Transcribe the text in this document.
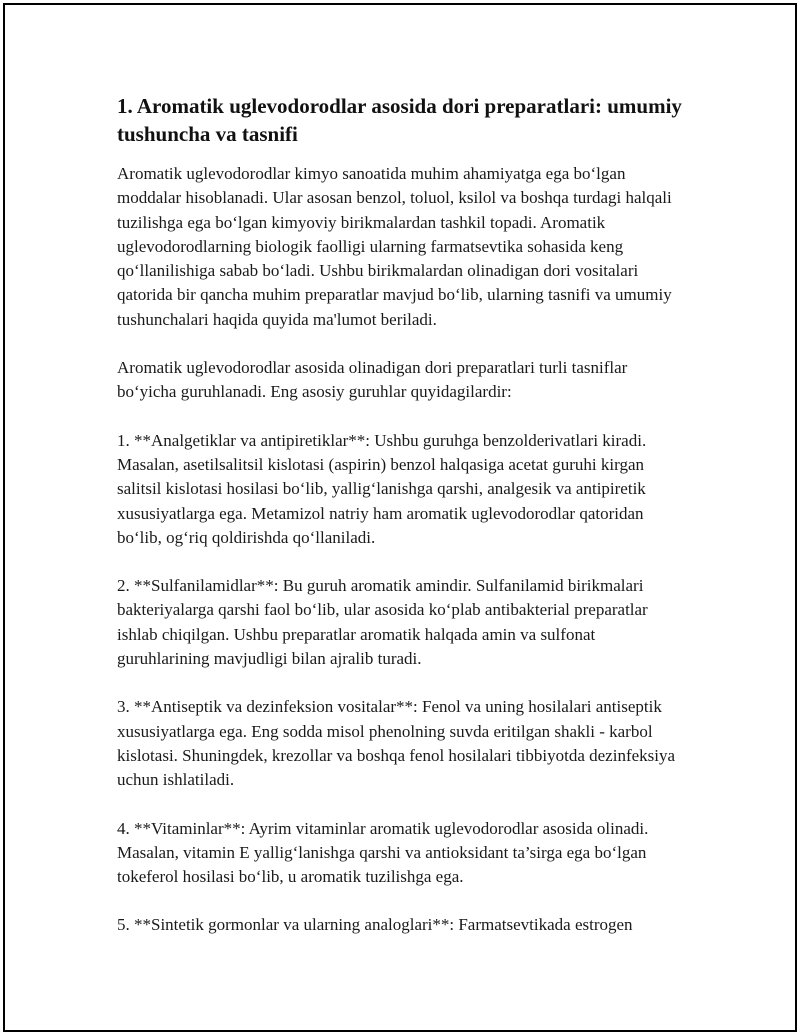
1. Aromatik uglevodorodlar asosida dori preparatlari: umumiy tushuncha va tasnifi

Aromatik uglevodorodlar kimyo sanoatida muhim ahamiyatga ega bo‘lgan moddalar hisoblanadi. Ular asosan benzol, toluol, ksilol va boshqa turdagi halqali tuzilishga ega bo‘lgan kimyoviy birikmalardan tashkil topadi. Aromatik uglevodorodlarning biologik faolligi ularning farmatsevtika sohasida keng qo‘llanilishiga sabab bo‘ladi. Ushbu birikmalardan olinadigan dori vositalari qatorida bir qancha muhim preparatlar mavjud bo‘lib, ularning tasnifi va umumiy tushunchalari haqida quyida ma'lumot beriladi.

Aromatik uglevodorodlar asosida olinadigan dori preparatlari turli tasniflar bo‘yicha guruhlanadi. Eng asosiy guruhlar quyidagilardir:

1. **Analgetiklar va antipiretiklar**: Ushbu guruhga benzolderivatlari kiradi. Masalan, asetilsalitsil kislotasi (aspirin) benzol halqasiga acetat guruhi kirgan salitsil kislotasi hosilasi bo‘lib, yallig‘lanishga qarshi, analgesik va antipiretik xususiyatlarga ega. Metamizol natriy ham aromatik uglevodorodlar qatoridan bo‘lib, og‘riq qoldirishda qo‘llaniladi.

2. **Sulfanilamidlar**: Bu guruh aromatik amindir. Sulfanilamid birikmalari bakteriyalarga qarshi faol bo‘lib, ular asosida ko‘plab antibakterial preparatlar ishlab chiqilgan. Ushbu preparatlar aromatik halqada amin va sulfonat guruhlarining mavjudligi bilan ajralib turadi.

3. **Antiseptik va dezinfeksion vositalar**: Fenol va uning hosilalari antiseptik xususiyatlarga ega. Eng sodda misol phenolning suvda eritilgan shakli - karbol kislotasi. Shuningdek, krezollar va boshqa fenol hosilalari tibbiyotda dezinfeksiya uchun ishlatiladi.

4. **Vitaminlar**: Ayrim vitaminlar aromatik uglevodorodlar asosida olinadi. Masalan, vitamin E yallig‘lanishga qarshi va antioksidant ta’sirga ega bo‘lgan tokeferol hosilasi bo‘lib, u aromatik tuzilishga ega.

5. **Sintetik gormonlar va ularning analoglari**: Farmatsevtikada estrogen
